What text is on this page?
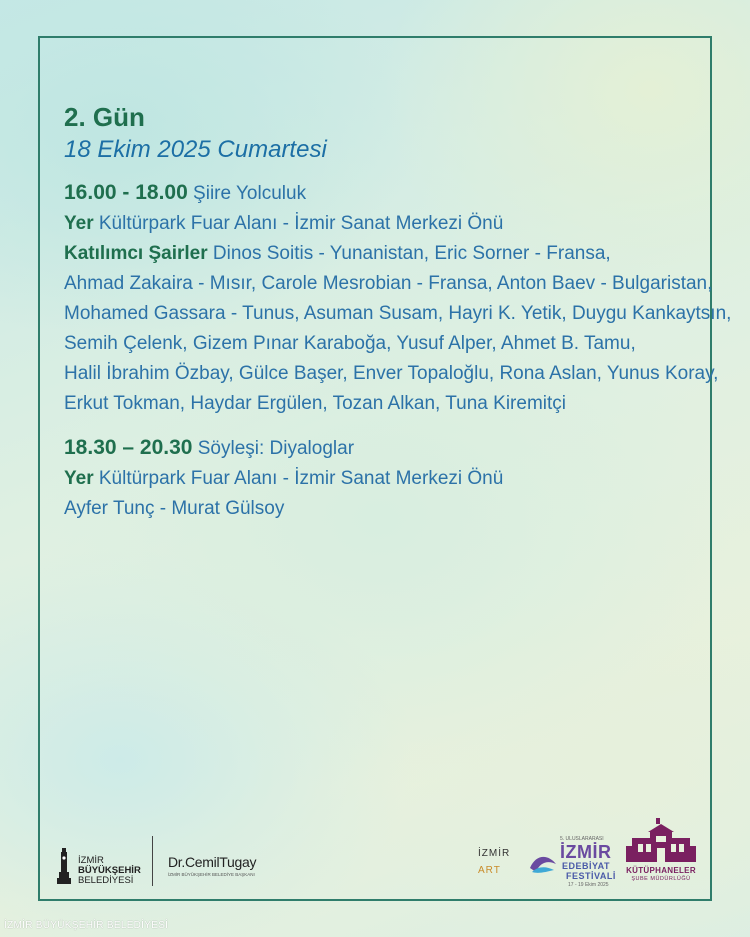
2. Gün
18 Ekim 2025 Cumartesi
16.00 - 18.00 Şiire Yolculuk
Yer Kültürpark Fuar Alanı - İzmir Sanat Merkezi Önü
Katılımcı Şairler Dinos Soitis - Yunanistan, Eric Sorner - Fransa,
Ahmad Zakaira - Mısır, Carole Mesrobian - Fransa, Anton Baev - Bulgaristan,
Mohamed Gassara - Tunus, Asuman Susam, Hayri K. Yetik, Duygu Kankaytsın,
Semih Çelenk, Gizem Pınar Karaboğa, Yusuf Alper, Ahmet B. Tamu,
Halil İbrahim Özbay, Gülce Başer, Enver Topaloğlu, Rona Aslan, Yunus Koray,
Erkut Tokman, Haydar Ergülen, Tozan Alkan, Tuna Kiremitçi
18.30 – 20.30 Söyleşi: Diyaloglar
Yer Kültürpark Fuar Alanı - İzmir Sanat Merkezi Önü
Ayfer Tunç - Murat Gülsoy
İZMİR
BÜYÜKŞEHİR
BELEDİYESİ
Dr.CemilTugay
İZMİR BÜYÜKŞEHİR BELEDİYE BAŞKANI
İZMİR
ART
5. ULUSLARARASI
İZMİR
EDEBİYAT
FESTİVALİ
17 - 19 Ekim 2025
KÜTÜPHANELER
ŞUBE MÜDÜRLÜĞÜ
İZMİR BÜYÜKŞEHİR BELEDİYESİ
